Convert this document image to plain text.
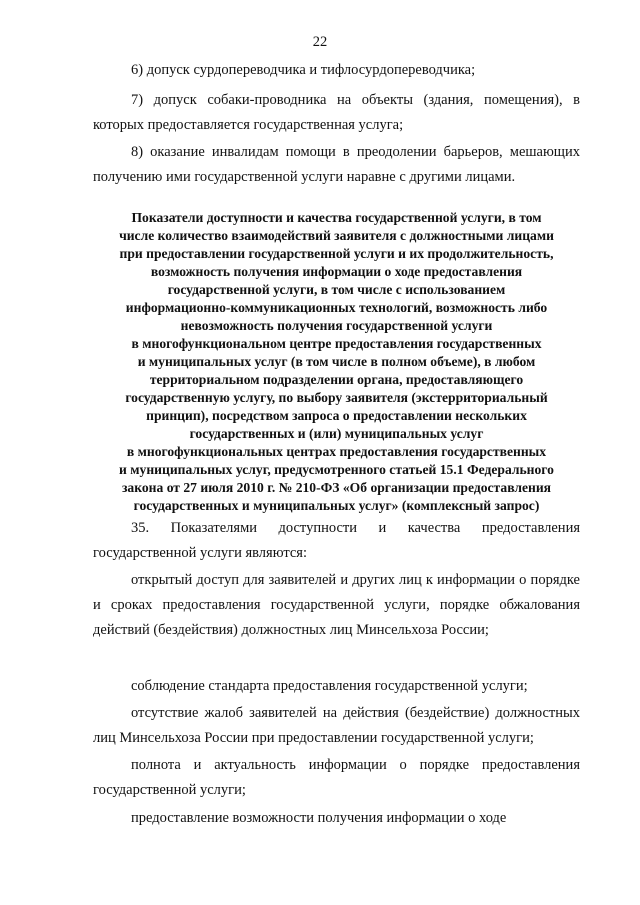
22
6) допуск сурдопереводчика и тифлосурдопереводчика;
7) допуск собаки-проводника на объекты (здания, помещения), в которых предоставляется государственная услуга;
8) оказание инвалидам помощи в преодолении барьеров, мешающих получению ими государственной услуги наравне с другими лицами.
Показатели доступности и качества государственной услуги, в том
числе количество взаимодействий заявителя с должностными лицами
при предоставлении государственной услуги и их продолжительность,
возможность получения информации о ходе предоставления
государственной услуги, в том числе с использованием
информационно-коммуникационных технологий, возможность либо
невозможность получения государственной услуги
в многофункциональном центре предоставления государственных
и муниципальных услуг (в том числе в полном объеме), в любом
территориальном подразделении органа, предоставляющего
государственную услугу, по выбору заявителя (экстерриториальный
принцип), посредством запроса о предоставлении нескольких
государственных и (или) муниципальных услуг
в многофункциональных центрах предоставления государственных
и муниципальных услуг, предусмотренного статьей 15.1 Федерального
закона от 27 июля 2010 г. № 210-ФЗ «Об организации предоставления
государственных и муниципальных услуг» (комплексный запрос)
35. Показателями доступности и качества предоставления государственной услуги являются:
открытый доступ для заявителей и других лиц к информации о порядке и сроках предоставления государственной услуги, порядке обжалования действий (бездействия) должностных лиц Минсельхоза России;
соблюдение стандарта предоставления государственной услуги;
отсутствие жалоб заявителей на действия (бездействие) должностных лиц Минсельхоза России при предоставлении государственной услуги;
полнота и актуальность информации о порядке предоставления государственной услуги;
предоставление возможности получения информации о ходе
